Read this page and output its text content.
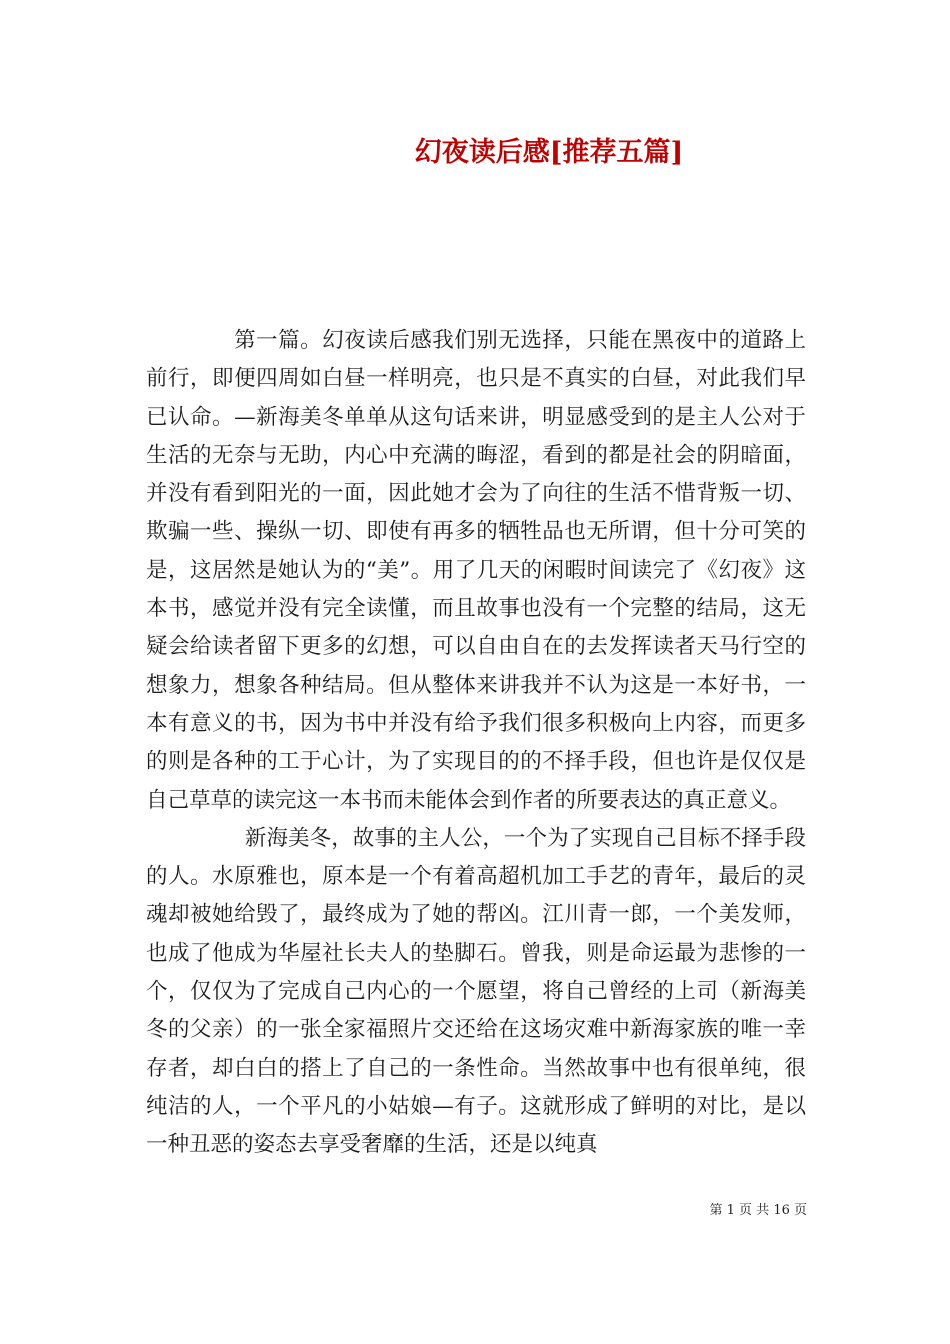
幻夜读后感[推荐五篇]

第一篇。幻夜读后感我们别无选择，只能在黑夜中的道路上前行，即便四周如白昼一样明亮，也只是不真实的白昼，对此我们早已认命。—新海美冬单单从这句话来讲，明显感受到的是主人公对于生活的无奈与无助，内心中充满的晦涩，看到的都是社会的阴暗面，并没有看到阳光的一面，因此她才会为了向往的生活不惜背叛一切、欺骗一些、操纵一切、即使有再多的牺牲品也无所谓，但十分可笑的是，这居然是她认为的“美”。用了几天的闲暇时间读完了《幻夜》这本书，感觉并没有完全读懂，而且故事也没有一个完整的结局，这无疑会给读者留下更多的幻想，可以自由自在的去发挥读者天马行空的想象力，想象各种结局。但从整体来讲我并不认为这是一本好书，一本有意义的书，因为书中并没有给予我们很多积极向上内容，而更多的则是各种的工于心计，为了实现目的的不择手段，但也许是仅仅是自己草草的读完这一本书而未能体会到作者的所要表达的真正意义。

新海美冬，故事的主人公，一个为了实现自己目标不择手段的人。水原雅也，原本是一个有着高超机加工手艺的青年，最后的灵魂却被她给毁了，最终成为了她的帮凶。江川青一郎，一个美发师，也成了他成为华屋社长夫人的垫脚石。曾我，则是命运最为悲惨的一个，仅仅为了完成自己内心的一个愿望，将自己曾经的上司（新海美冬的父亲）的一张全家福照片交还给在这场灾难中新海家族的唯一幸存者，却白白的搭上了自己的一条性命。当然故事中也有很单纯，很纯洁的人，一个平凡的小姑娘—有子。这就形成了鲜明的对比，是以一种丑恶的姿态去享受奢靡的生活，还是以纯真

第 1 页 共 16 页
